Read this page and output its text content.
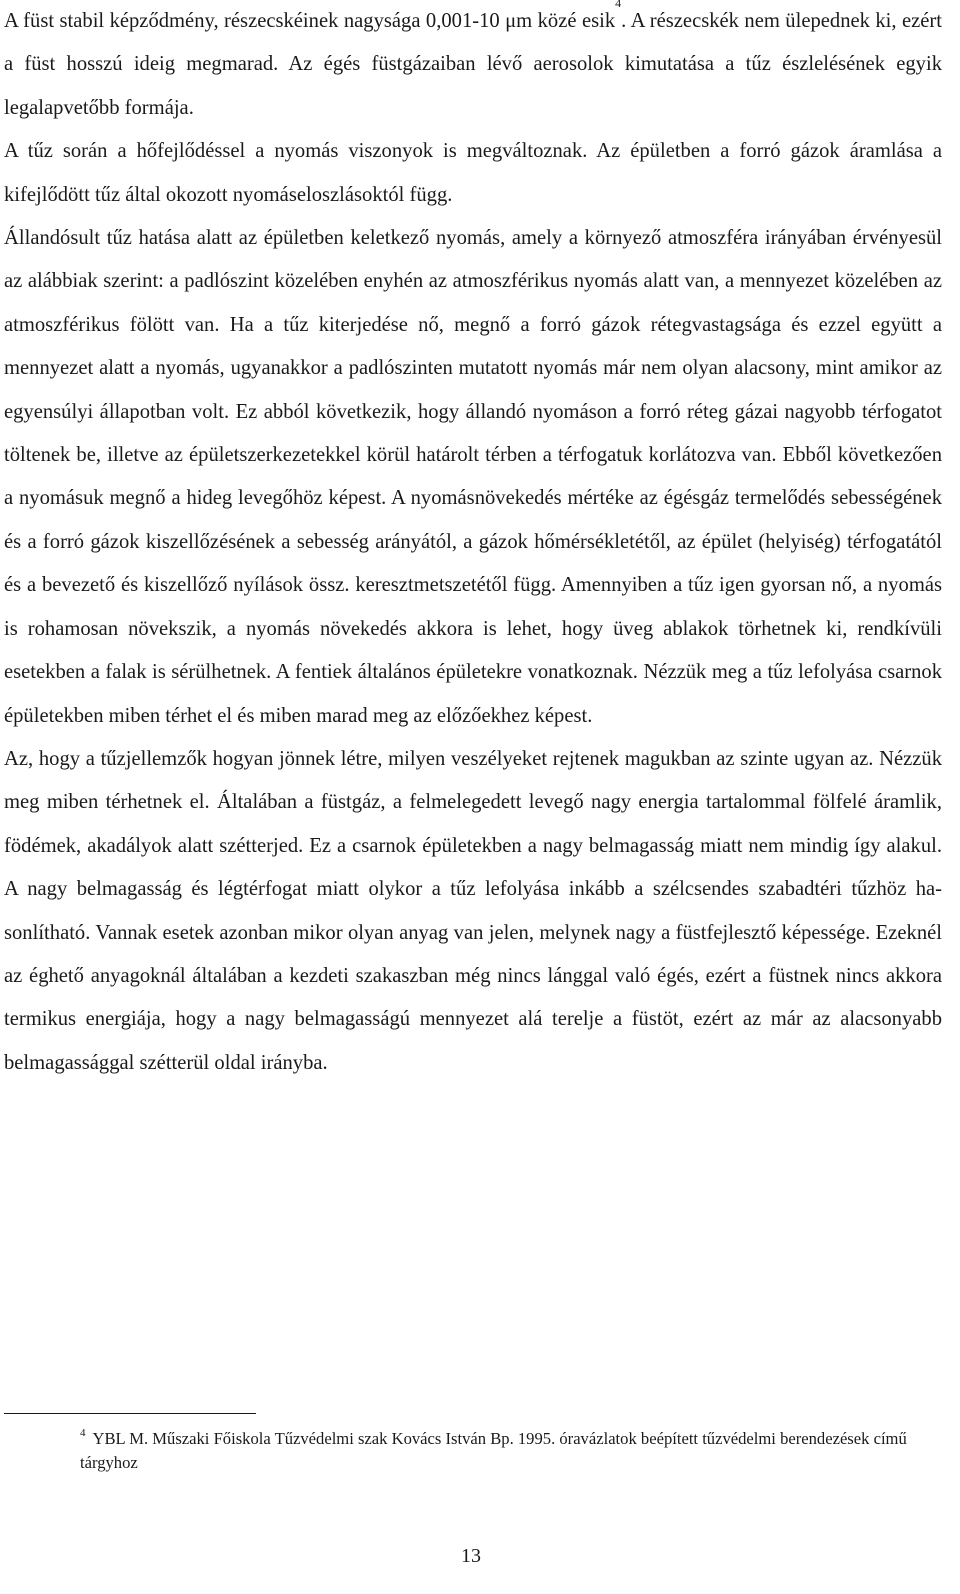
A füst stabil képződmény, részecskéinek nagysága 0,001-10 μm közé esik$^4$. A részecskék nem ülepednek ki, ezért a füst hosszú ideig megmarad. Az égés füstgázaiban lévő aerosolok kimutatása a tűz észlelésének egyik legalapvetőbb formája.

A tűz során a hőfejlődéssel a nyomás viszonyok is megváltoznak. Az épületben a forró gázok áramlása a kifejlődött tűz által okozott nyomáseloszlásoktól függ.

Állandósult tűz hatása alatt az épületben keletkező nyomás, amely a környező atmoszféra irányában érvényesül az alábbiak szerint: a padlószint közelében enyhén az atmoszférikus nyomás alatt van, a mennyezet közelében az atmoszférikus fölött van. Ha a tűz kiterjedése nő, megnő a forró gázok rétegvastagsága és ezzel együtt a mennyezet alatt a nyomás, ugyanakkor a padlószinten mutatott nyomás már nem olyan alacsony, mint amikor az egyensúlyi állapotban volt. Ez abból következik, hogy állandó nyomáson a forró réteg gázai nagyobb térfogatot töltenek be, illetve az épületszerkezetekkel körül határolt térben a térfogatuk korlátozva van. Ebből következően a nyomásuk megnő a hideg levegőhöz képest. A nyomásnövekedés mértéke az égésgáz termelődés sebességének és a forró gázok kiszellőzésének a sebesség arányától, a gázok hőmérsékletétől, az épület (helyiség) térfogatától és a bevezető és kiszellőző nyílások össz. keresztmetszetétől függ. Amennyiben a tűz igen gyorsan nő, a nyomás is rohamosan növekszik, a nyomás növekedés akkora is lehet, hogy üveg ablakok törhetnek ki, rendkívüli esetekben a falak is sérülhetnek. A fentiek általános épületekre vonatkoznak. Nézzük meg a tűz lefolyása csarnok épületekben miben térhet el és miben marad meg az előzőekhez képest.

Az, hogy a tűzjellemzők hogyan jönnek létre, milyen veszélyeket rejtenek magukban az szinte ugyan az. Nézzük meg miben térhetnek el. Általában a füstgáz, a felmelegedett levegő nagy energia tartalommal fölfelé áramlik, födémek, akadályok alatt szétterjed. Ez a csarnok épületekben a nagy belmagasság miatt nem mindig így alakul. A nagy belmagasság és légtérfogat miatt olykor a tűz lefolyása inkább a szélcsendes szabadtéri tűzhöz hasonlítható. Vannak esetek azonban mikor olyan anyag van jelen, melynek nagy a füstfejlesztő képessége. Ezeknél az éghető anyagoknál általában a kezdeti szakaszban még nincs lánggal való égés, ezért a füstnek nincs akkora termikus energiája, hogy a nagy belmagasságú mennyezet alá terelje a füstöt, ezért az már az alacsonyabb belmagassággal szétterül oldal irányba.

$^4$ YBL M. Műszaki Főiskola Tűzvédelmi szak Kovács István Bp. 1995. óravázlatok beépített tűzvédelmi berendezések című tárgyhoz
13
